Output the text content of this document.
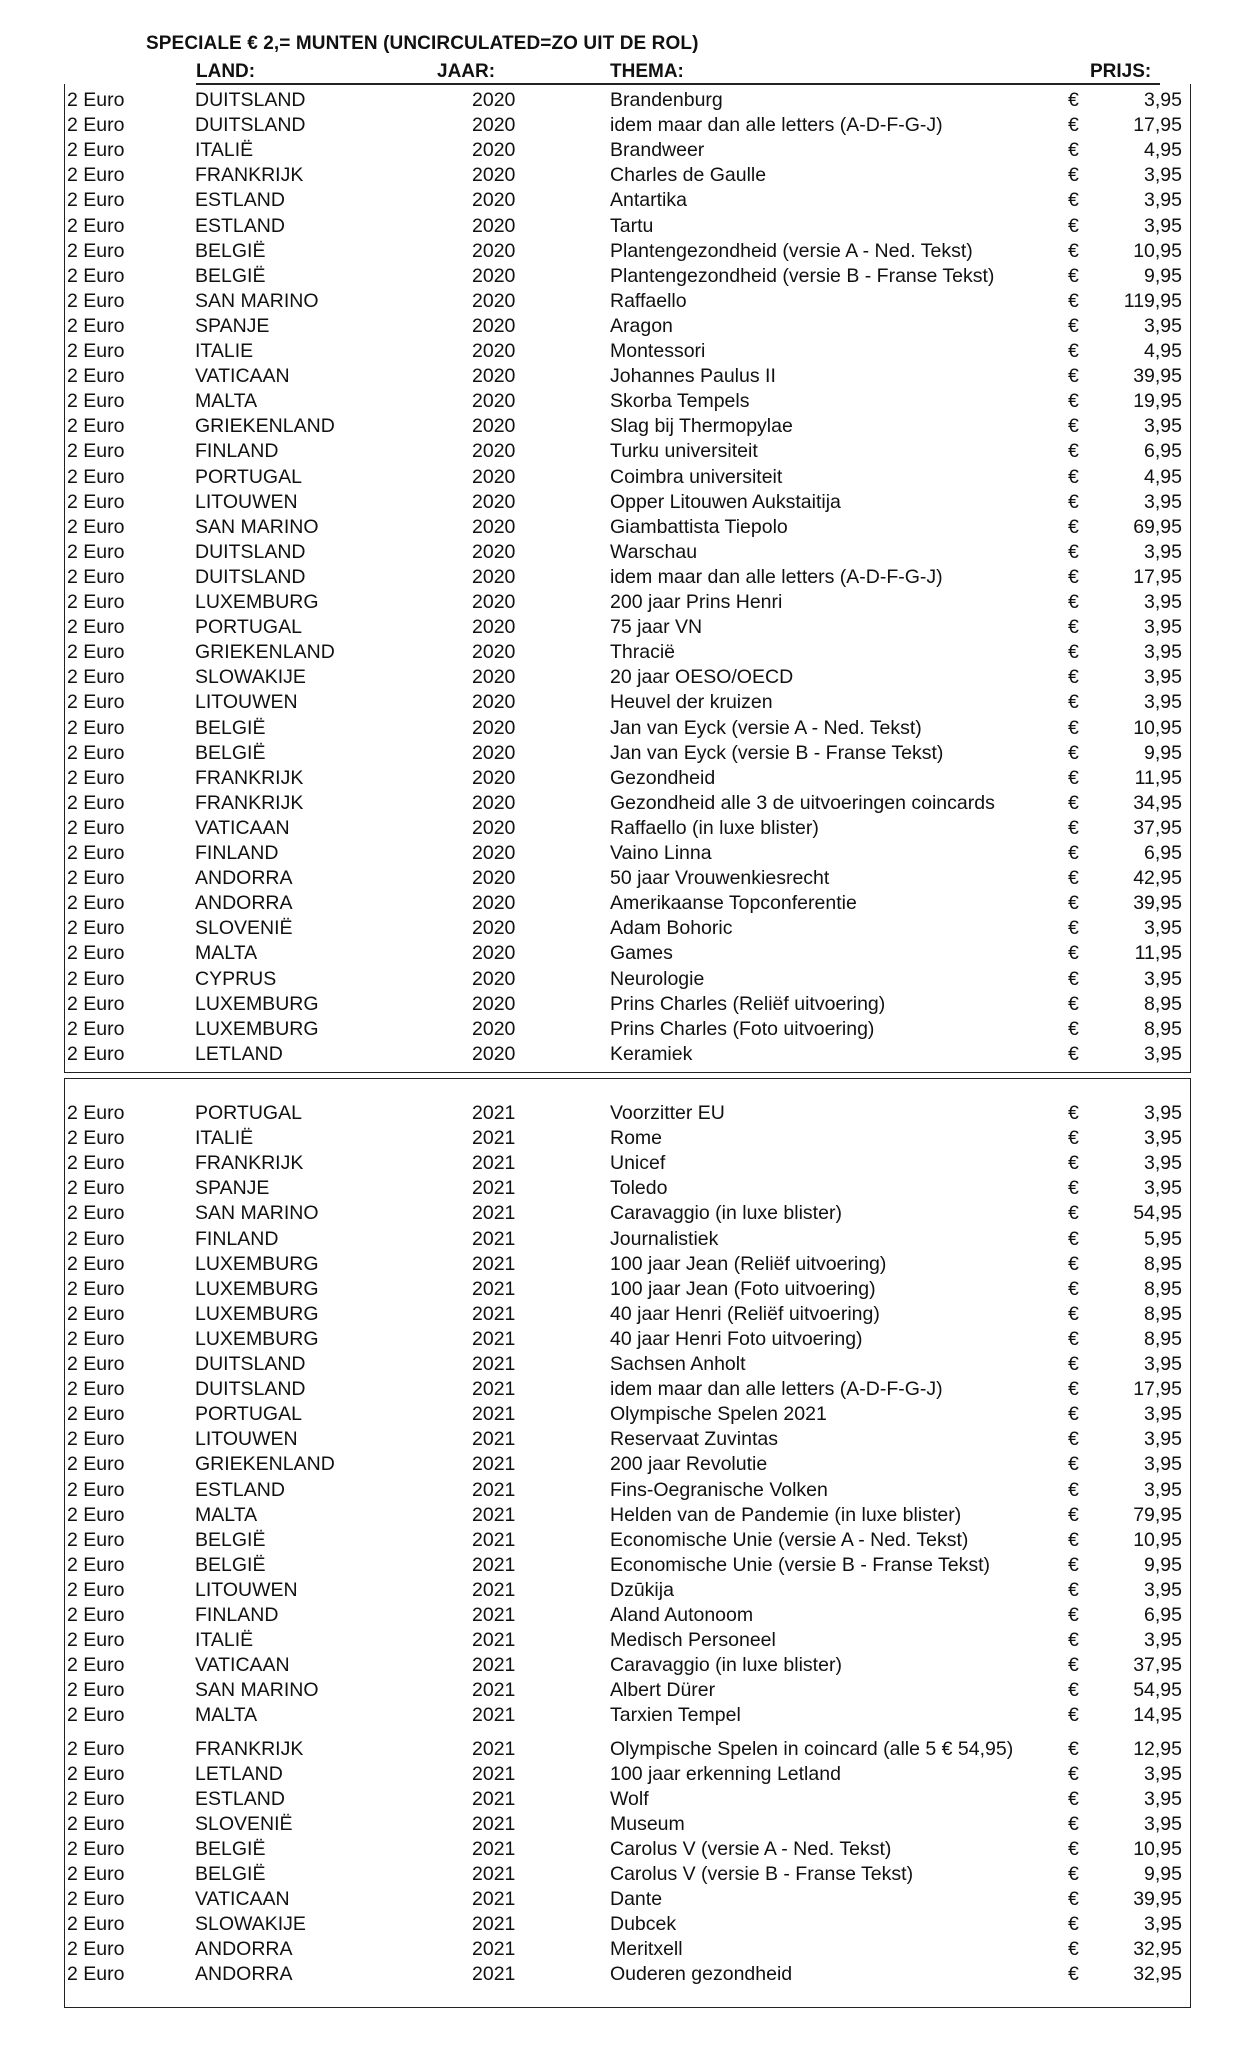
SPECIALE € 2,= MUNTEN (UNCIRCULATED=ZO UIT DE ROL)
LAND:	JAAR:	THEMA:	PRIJS:
2 Euro	DUITSLAND	2020	Brandenburg	€	3,95
2 Euro	DUITSLAND	2020	idem maar dan alle letters (A-D-F-G-J)	€	17,95
2 Euro	ITALIË	2020	Brandweer	€	4,95
2 Euro	FRANKRIJK	2020	Charles de Gaulle	€	3,95
2 Euro	ESTLAND	2020	Antartika	€	3,95
2 Euro	ESTLAND	2020	Tartu	€	3,95
2 Euro	BELGIË	2020	Plantengezondheid (versie A - Ned. Tekst)	€	10,95
2 Euro	BELGIË	2020	Plantengezondheid (versie B - Franse Tekst)	€	9,95
2 Euro	SAN MARINO	2020	Raffaello	€ 119,95
2 Euro	SPANJE	2020	Aragon	€	3,95
2 Euro	ITALIE	2020	Montessori	€	4,95
2 Euro	VATICAAN	2020	Johannes Paulus II	€	39,95
2 Euro	MALTA	2020	Skorba Tempels	€	19,95
2 Euro	GRIEKENLAND	2020	Slag bij Thermopylae	€	3,95
2 Euro	FINLAND	2020	Turku universiteit	€	6,95
2 Euro	PORTUGAL	2020	Coimbra universiteit	€	4,95
2 Euro	LITOUWEN	2020	Opper Litouwen Aukstaitija	€	3,95
2 Euro	SAN MARINO	2020	Giambattista Tiepolo	€	69,95
2 Euro	DUITSLAND	2020	Warschau	€	3,95
2 Euro	DUITSLAND	2020	idem maar dan alle letters (A-D-F-G-J)	€	17,95
2 Euro	LUXEMBURG	2020	200 jaar Prins Henri	€	3,95
2 Euro	PORTUGAL	2020	75 jaar VN	€	3,95
2 Euro	GRIEKENLAND	2020	Thracië	€	3,95
2 Euro	SLOWAKIJE	2020	20 jaar OESO/OECD	€	3,95
2 Euro	LITOUWEN	2020	Heuvel der kruizen	€	3,95
2 Euro	BELGIË	2020	Jan van Eyck (versie A - Ned. Tekst)	€	10,95
2 Euro	BELGIË	2020	Jan van Eyck (versie B - Franse Tekst)	€	9,95
2 Euro	FRANKRIJK	2020	Gezondheid	€	11,95
2 Euro	FRANKRIJK	2020	Gezondheid alle 3 de uitvoeringen coincards	€	34,95
2 Euro	VATICAAN	2020	Raffaello (in luxe blister)	€	37,95
2 Euro	FINLAND	2020	Vaino Linna	€	6,95
2 Euro	ANDORRA	2020	50 jaar Vrouwenkiesrecht	€	42,95
2 Euro	ANDORRA	2020	Amerikaanse Topconferentie	€	39,95
2 Euro	SLOVENIË	2020	Adam Bohoric	€	3,95
2 Euro	MALTA	2020	Games	€	11,95
2 Euro	CYPRUS	2020	Neurologie	€	3,95
2 Euro	LUXEMBURG	2020	Prins Charles (Reliëf uitvoering)	€	8,95
2 Euro	LUXEMBURG	2020	Prins Charles (Foto uitvoering)	€	8,95
2 Euro	LETLAND	2020	Keramiek	€	3,95
2 Euro	PORTUGAL	2021	Voorzitter EU	€	3,95
2 Euro	ITALIË	2021	Rome	€	3,95
2 Euro	FRANKRIJK	2021	Unicef	€	3,95
2 Euro	SPANJE	2021	Toledo	€	3,95
2 Euro	SAN MARINO	2021	Caravaggio (in luxe blister)	€	54,95
2 Euro	FINLAND	2021	Journalistiek	€	5,95
2 Euro	LUXEMBURG	2021	100 jaar Jean (Reliëf uitvoering)	€	8,95
2 Euro	LUXEMBURG	2021	100 jaar Jean (Foto uitvoering)	€	8,95
2 Euro	LUXEMBURG	2021	40 jaar Henri (Reliëf uitvoering)	€	8,95
2 Euro	LUXEMBURG	2021	40 jaar Henri Foto uitvoering)	€	8,95
2 Euro	DUITSLAND	2021	Sachsen Anholt	€	3,95
2 Euro	DUITSLAND	2021	idem maar dan alle letters (A-D-F-G-J)	€	17,95
2 Euro	PORTUGAL	2021	Olympische Spelen 2021	€	3,95
2 Euro	LITOUWEN	2021	Reservaat Zuvintas	€	3,95
2 Euro	GRIEKENLAND	2021	200 jaar Revolutie	€	3,95
2 Euro	ESTLAND	2021	Fins-Oegranische Volken	€	3,95
2 Euro	MALTA	2021	Helden van de Pandemie (in luxe blister)	€	79,95
2 Euro	BELGIË	2021	Economische Unie (versie A - Ned. Tekst)	€	10,95
2 Euro	BELGIË	2021	Economische Unie (versie B - Franse Tekst)	€	9,95
2 Euro	LITOUWEN	2021	Dzūkija	€	3,95
2 Euro	FINLAND	2021	Aland Autonoom	€	6,95
2 Euro	ITALIË	2021	Medisch Personeel	€	3,95
2 Euro	VATICAAN	2021	Caravaggio (in luxe blister)	€	37,95
2 Euro	SAN MARINO	2021	Albert Dürer	€	54,95
2 Euro	MALTA	2021	Tarxien Tempel	€	14,95
2 Euro	FRANKRIJK	2021	Olympische Spelen in coincard (alle 5 € 54,95)	€	12,95
2 Euro	LETLAND	2021	100 jaar erkenning Letland	€	3,95
2 Euro	ESTLAND	2021	Wolf	€	3,95
2 Euro	SLOVENIË	2021	Museum	€	3,95
2 Euro	BELGIË	2021	Carolus V (versie A - Ned. Tekst)	€	10,95
2 Euro	BELGIË	2021	Carolus V (versie B - Franse Tekst)	€	9,95
2 Euro	VATICAAN	2021	Dante	€	39,95
2 Euro	SLOWAKIJE	2021	Dubcek	€	3,95
2 Euro	ANDORRA	2021	Meritxell	€	32,95
2 Euro	ANDORRA	2021	Ouderen gezondheid	€	32,95
